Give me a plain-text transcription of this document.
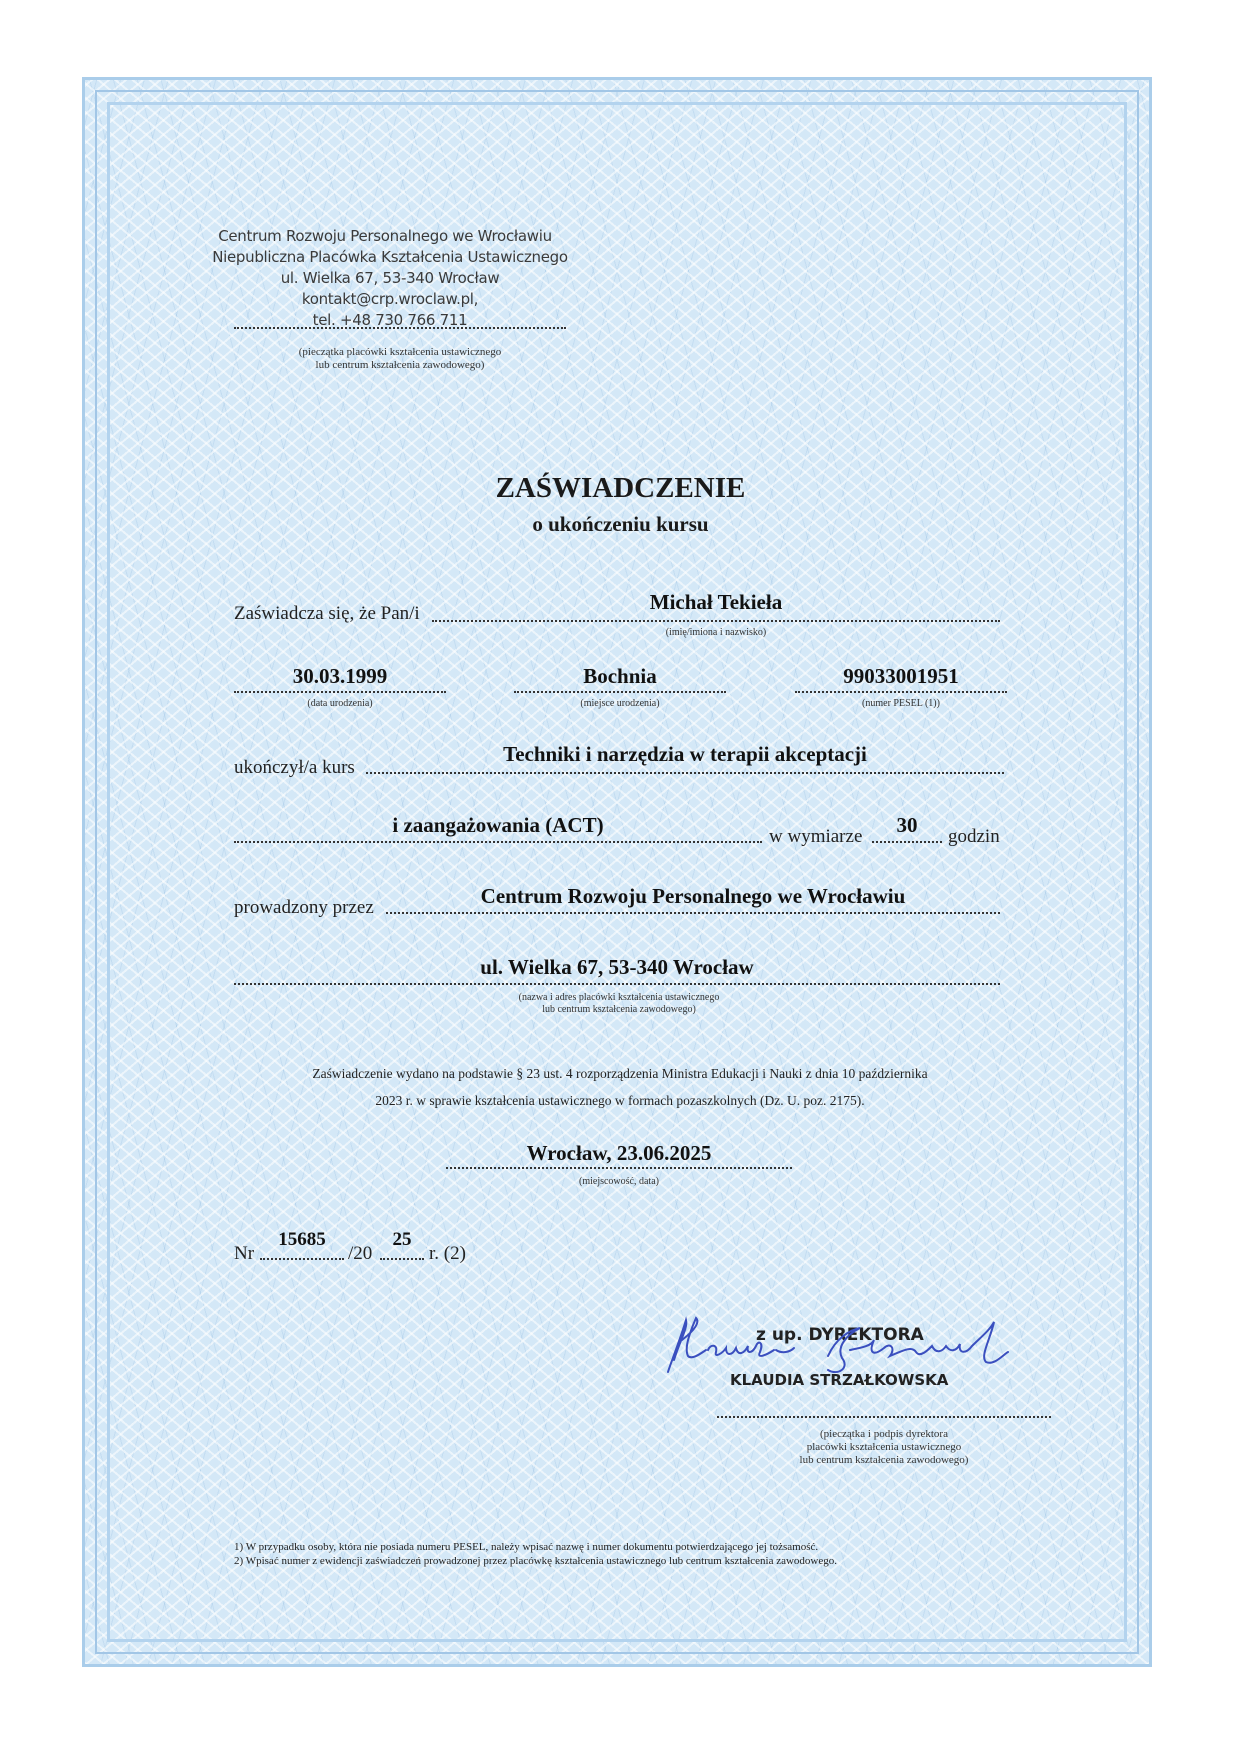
Centrum Rozwoju Personalnego we Wrocławiu
Niepubliczna Placówka Kształcenia Ustawicznego
ul. Wielka 67, 53-340 Wrocław
kontakt@crp.wroclaw.pl,
tel. +48 730 766 711
(pieczątka placówki kształcenia ustawicznego
lub centrum kształcenia zawodowego)
ZAŚWIADCZENIE
o ukończeniu kursu
Zaświadcza się, że Pan/i	Michał Tekieła
(imię/imiona i nazwisko)
30.03.1999
(data urodzenia)
Bochnia
(miejsce urodzenia)
99033001951
(numer PESEL (1))
ukończył/a kurs
Techniki i narzędzia w terapii akceptacji
i zaangażowania (ACT)	w wymiarze	30	godzin
prowadzony przez	Centrum Rozwoju Personalnego we Wrocławiu
ul. Wielka 67, 53-340 Wrocław
(nazwa i adres placówki kształcenia ustawicznego
lub centrum kształcenia zawodowego)
Zaświadczenie wydano na podstawie § 23 ust. 4 rozporządzenia Ministra Edukacji i Nauki z dnia 10 października
2023 r. w sprawie kształcenia ustawicznego w formach pozaszkolnych (Dz. U. poz. 2175).
Wrocław, 23.06.2025
(miejscowość, data)
Nr
15685
/20
25
r. (2)
z up. DYREKTORA
KLAUDIA STRZAŁKOWSKA
(pieczątka i podpis dyrektora
placówki kształcenia ustawicznego
lub centrum kształcenia zawodowego)
1) W przypadku osoby, która nie posiada numeru PESEL, należy wpisać nazwę i numer dokumentu potwierdzającego jej tożsamość.
2) Wpisać numer z ewidencji zaświadczeń prowadzonej przez placówkę kształcenia ustawicznego lub centrum kształcenia zawodowego.
